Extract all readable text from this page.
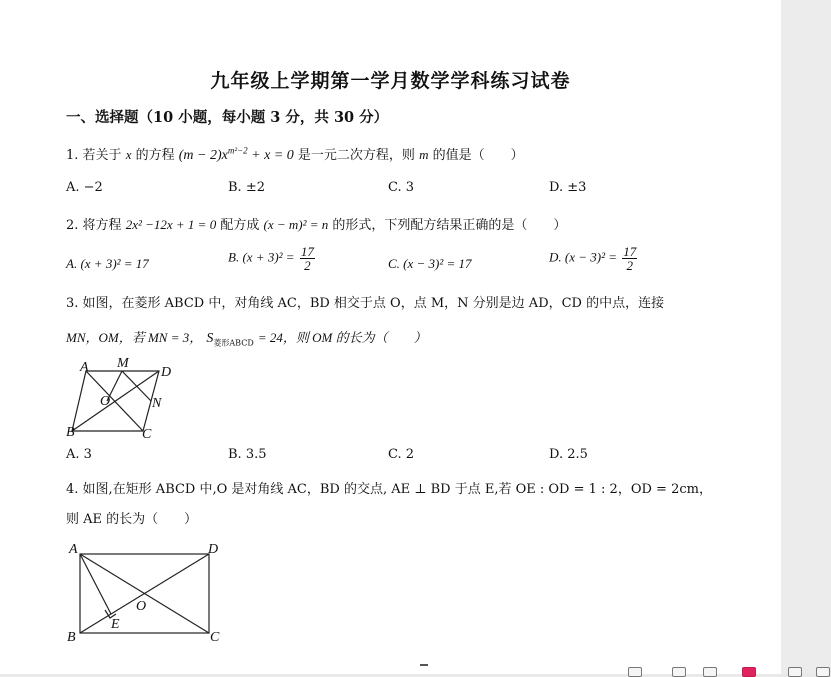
九年级上学期第一学月数学学科练习试卷
一、选择题（10 小题，每小题 3 分，共 30 分）
1. 若关于 x 的方程 $(m - 2)x^{m^2-2} + x = 0$ 是一元二次方程，则 m 的值是（　　）
A. −2	B. ±2	C. 3	D. ±3
2. 将方程 2x² −12x + 1 = 0 配方成 (x − m)² = n 的形式，下列配方结果正确的是（　　）
A. (x + 3)² = 17	B. $(x + 3)^2 = \frac{17}{2}$	C. (x − 3)² = 17	D. $(x - 3)^2 = \frac{17}{2}$
3. 如图，在菱形 ABCD 中，对角线 AC，BD 相交于点 O，点 M，N 分别是边 AD，CD 的中点，连接
MN，OM，若 MN = 3， $S_{菱形ABCD} = 24$，则 OM 的长为（　　）
A M
D
O	N
B	C
A. 3	B. 3.5	C. 2	D. 2.5
4. 如图,在矩形 ABCD 中,O 是对角线 AC，BD 的交点, AE ⊥ BD 于点 E,若 OE : OD = 1 : 2，OD = 2cm，
则 AE 的长为（　　）
A	D
O
E
B	C
